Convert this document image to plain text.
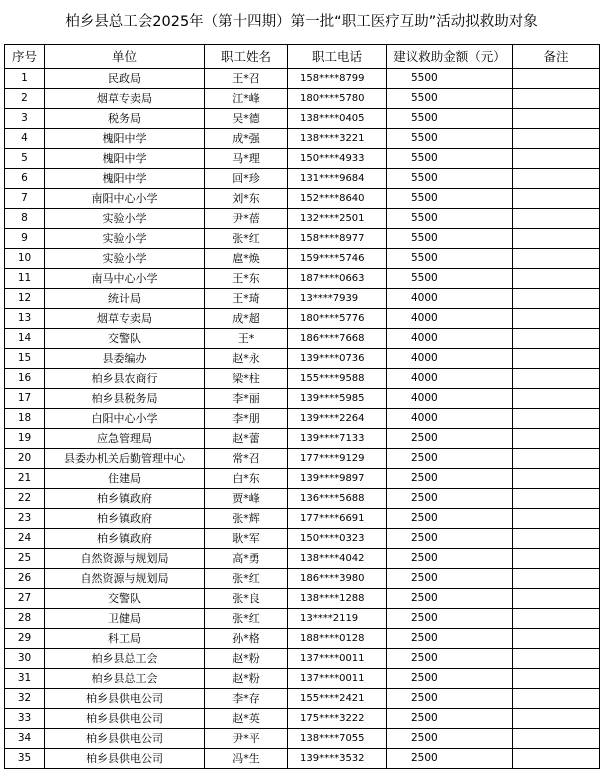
柏乡县总工会2025年（第十四期）第一批“职工医疗互助”活动拟救助对象
序号	单位	职工姓名	职工电话	建议救助金额（元）	备注
1	民政局	王*召	158****8799	5500	
2	烟草专卖局	江*峰	180****5780	5500	
3	税务局	吴*德	138****0405	5500	
4	槐阳中学	成*强	138****3221	5500	
5	槐阳中学	马*理	150****4933	5500	
6	槐阳中学	回*珍	131****9684	5500	
7	南阳中心小学	刘*东	152****8640	5500	
8	实验小学	尹*蓓	132****2501	5500	
9	实验小学	张*红	158****8977	5500	
10	实验小学	扈*焕	159****5746	5500	
11	南马中心小学	王*东	187****0663	5500	
12	统计局	王*琦	13****7939	4000	
13	烟草专卖局	成*超	180****5776	4000	
14	交警队	王*	186****7668	4000	
15	县委编办	赵*永	139****0736	4000	
16	柏乡县农商行	梁*柱	155****9588	4000	
17	柏乡县税务局	李*丽	139****5985	4000	
18	白阳中心小学	李*朋	139****2264	4000	
19	应急管理局	赵*蕾	139****7133	2500	
20	县委办机关后勤管理中心	常*召	177****9129	2500	
21	住建局	白*东	139****9897	2500	
22	柏乡镇政府	贾*峰	136****5688	2500	
23	柏乡镇政府	张*辉	177****6691	2500	
24	柏乡镇政府	耿*军	150****0323	2500	
25	自然资源与规划局	高*勇	138****4042	2500	
26	自然资源与规划局	张*红	186****3980	2500	
27	交警队	张*良	138****1288	2500	
28	卫健局	张*红	13****2119	2500	
29	科工局	孙*格	188****0128	2500	
30	柏乡县总工会	赵*粉	137****0011	2500	
31	柏乡县总工会	赵*粉	137****0011	2500	
32	柏乡县供电公司	李*存	155****2421	2500	
33	柏乡县供电公司	赵*英	175****3222	2500	
34	柏乡县供电公司	尹*平	138****7055	2500	
35	柏乡县供电公司	冯*生	139****3532	2500	
